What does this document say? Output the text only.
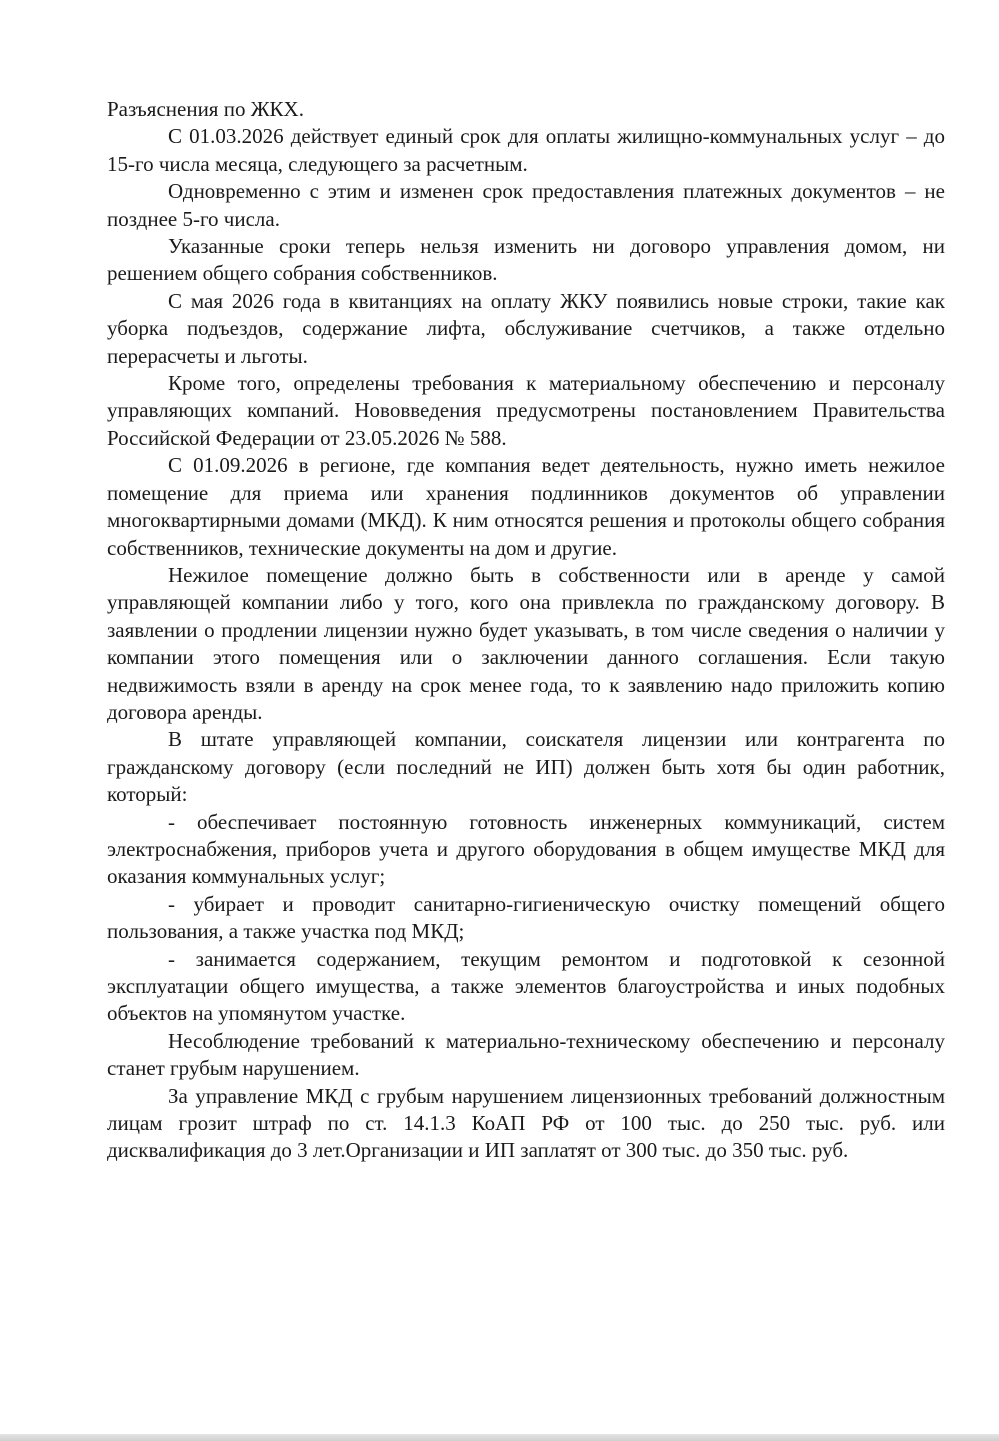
Разъяснения по ЖКХ.

С 01.03.2026 действует единый срок для оплаты жилищно-коммунальных услуг – до 15-го числа месяца, следующего за расчетным.

Одновременно с этим и изменен срок предоставления платежных документов – не позднее 5-го числа.

Указанные сроки теперь нельзя изменить ни договоро управления домом, ни решением общего собрания собственников.

С мая 2026 года в квитанциях на оплату ЖКУ появились новые строки, такие как уборка подъездов, содержание лифта, обслуживание счетчиков, а также отдельно перерасчеты и льготы.

Кроме того, определены требования к материальному обеспечению и персоналу управляющих компаний. Нововведения предусмотрены постановлением Правительства Российской Федерации от 23.05.2026 № 588.

С 01.09.2026 в регионе, где компания ведет деятельность, нужно иметь нежилое помещение для приема или хранения подлинников документов об управлении многоквартирными домами (МКД). К ним относятся решения и протоколы общего собрания собственников, технические документы на дом и другие.

Нежилое помещение должно быть в собственности или в аренде у самой управляющей компании либо у того, кого она привлекла по гражданскому договору. В заявлении о продлении лицензии нужно будет указывать, в том числе сведения о наличии у компании этого помещения или о заключении данного соглашения. Если такую недвижимость взяли в аренду на срок менее года, то к заявлению надо приложить копию договора аренды.

В штате управляющей компании, соискателя лицензии или контрагента по гражданскому договору (если последний не ИП) должен быть хотя бы один работник, который:

- обеспечивает постоянную готовность инженерных коммуникаций, систем электроснабжения, приборов учета и другого оборудования в общем имуществе МКД для оказания коммунальных услуг;

- убирает и проводит санитарно-гигиеническую очистку помещений общего пользования, а также участка под МКД;

- занимается содержанием, текущим ремонтом и подготовкой к сезонной эксплуатации общего имущества, а также элементов благоустройства и иных подобных объектов на упомянутом участке.

Несоблюдение требований к материально-техническому обеспечению и персоналу станет грубым нарушением.

За управление МКД с грубым нарушением лицензионных требований должностным лицам грозит штраф по ст. 14.1.3 КоАП РФ от 100 тыс. до 250 тыс. руб. или дисквалификация до 3 лет.Организации и ИП заплатят от 300 тыс. до 350 тыс. руб.
